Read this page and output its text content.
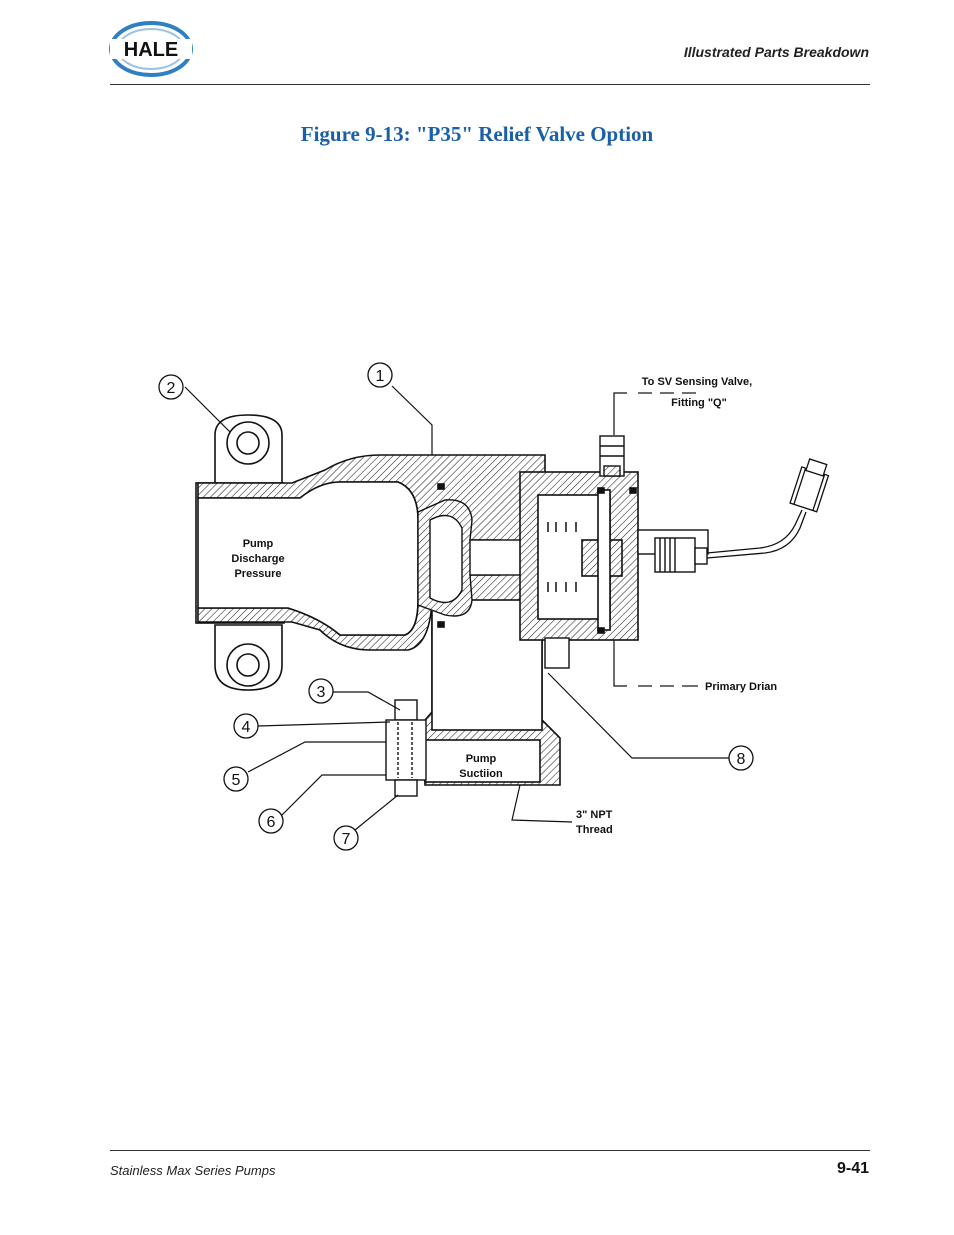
HALE	Illustrated Parts Breakdown
Figure 9-13: "P35" Relief Valve Option
1
2
3
4
5
6
7
8
To SV Sensing Valve,
Fitting "Q"
Pump
Discharge
Pressure
Pump
Suctiion
3" NPT
Thread
Primary Drian
Stainless Max Series Pumps	9-41
